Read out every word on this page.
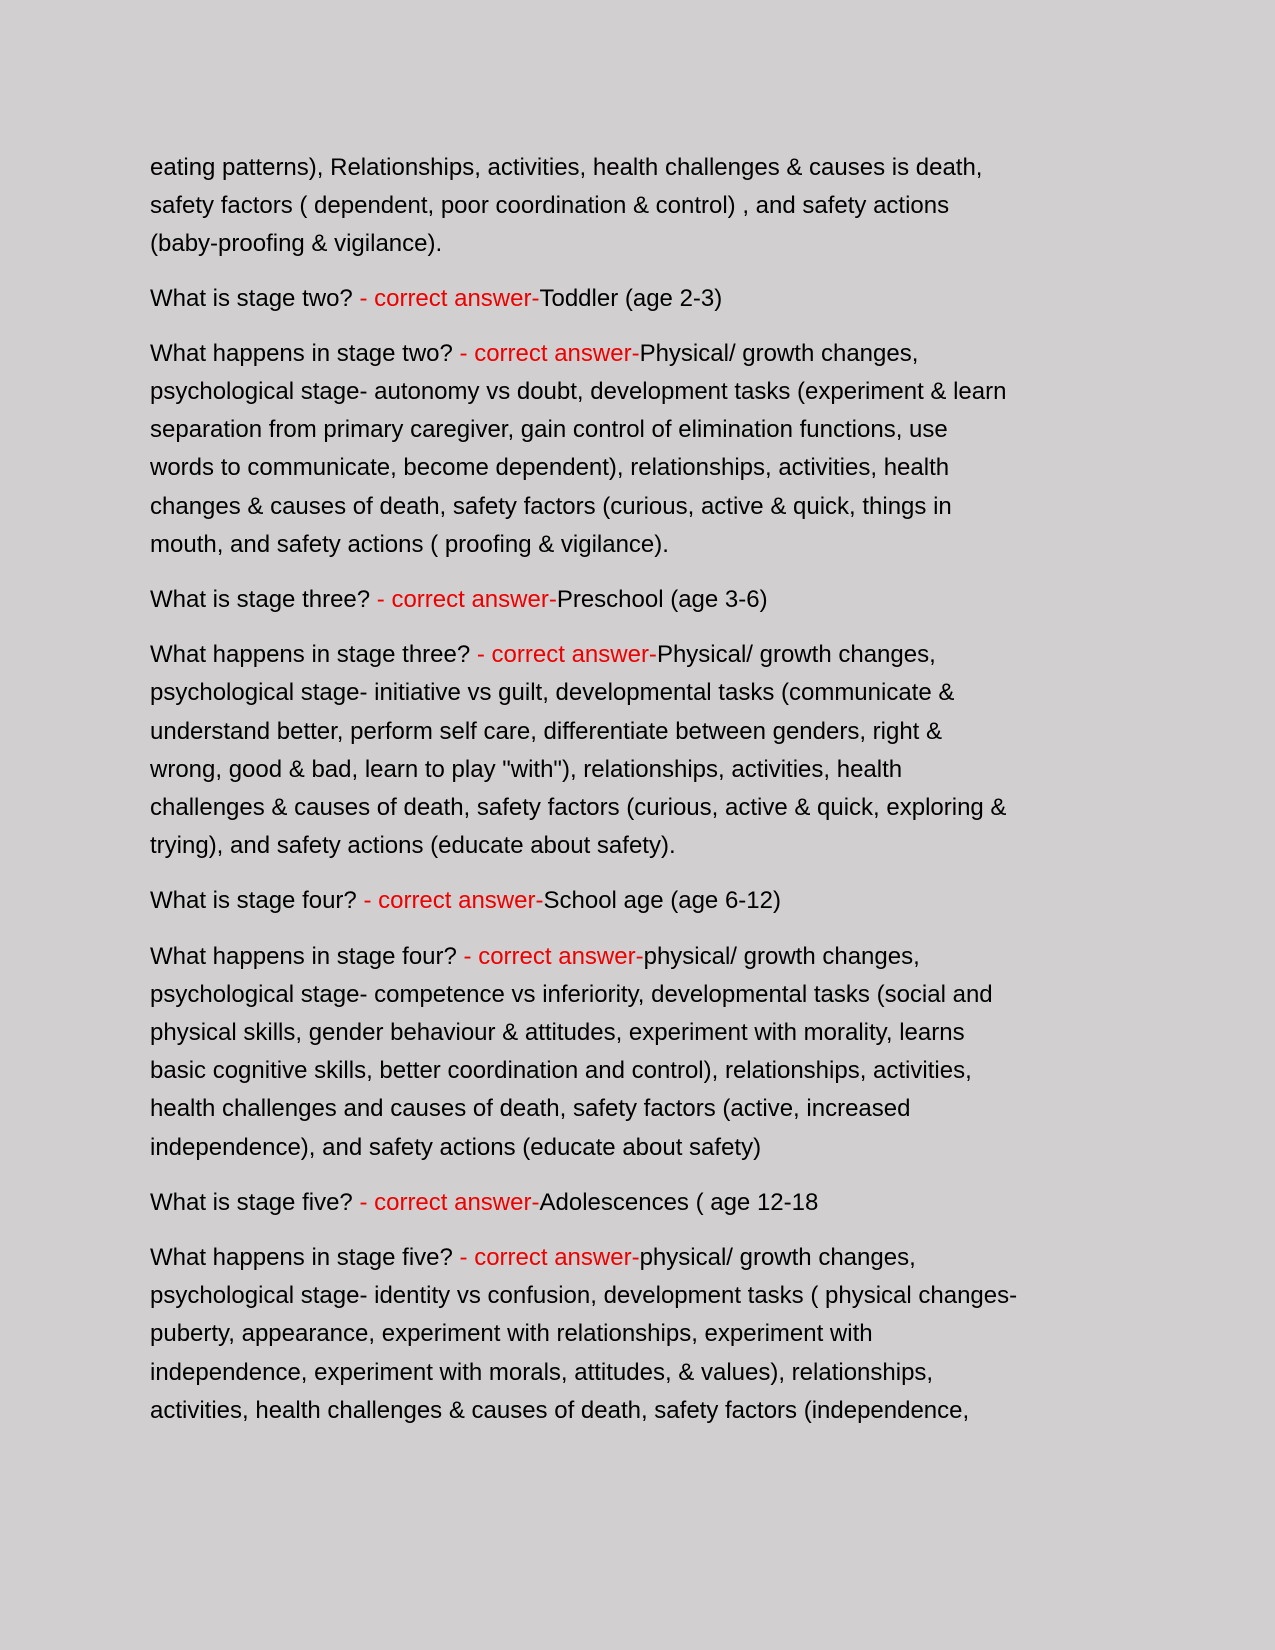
eating patterns), Relationships, activities, health challenges & causes is death,
safety factors ( dependent, poor coordination & control) , and safety actions
(baby-proofing & vigilance).

What is stage two? - correct answer-Toddler (age 2-3)

What happens in stage two? - correct answer-Physical/ growth changes,
psychological stage- autonomy vs doubt, development tasks (experiment & learn
separation from primary caregiver, gain control of elimination functions, use
words to communicate, become dependent), relationships, activities, health
changes & causes of death, safety factors (curious, active & quick, things in
mouth, and safety actions ( proofing & vigilance).

What is stage three? - correct answer-Preschool (age 3-6)

What happens in stage three? - correct answer-Physical/ growth changes,
psychological stage- initiative vs guilt, developmental tasks (communicate &
understand better, perform self care, differentiate between genders, right &
wrong, good & bad, learn to play "with"), relationships, activities, health
challenges & causes of death, safety factors (curious, active & quick, exploring &
trying), and safety actions (educate about safety).

What is stage four? - correct answer-School age (age 6-12)

What happens in stage four? - correct answer-physical/ growth changes,
psychological stage- competence vs inferiority, developmental tasks (social and
physical skills, gender behaviour & attitudes, experiment with morality, learns
basic cognitive skills, better coordination and control), relationships, activities,
health challenges and causes of death, safety factors (active, increased
independence), and safety actions (educate about safety)

What is stage five? - correct answer-Adolescences ( age 12-18

What happens in stage five? - correct answer-physical/ growth changes,
psychological stage- identity vs confusion, development tasks ( physical changes-
puberty, appearance, experiment with relationships, experiment with
independence, experiment with morals, attitudes, & values), relationships,
activities, health challenges & causes of death, safety factors (independence,
